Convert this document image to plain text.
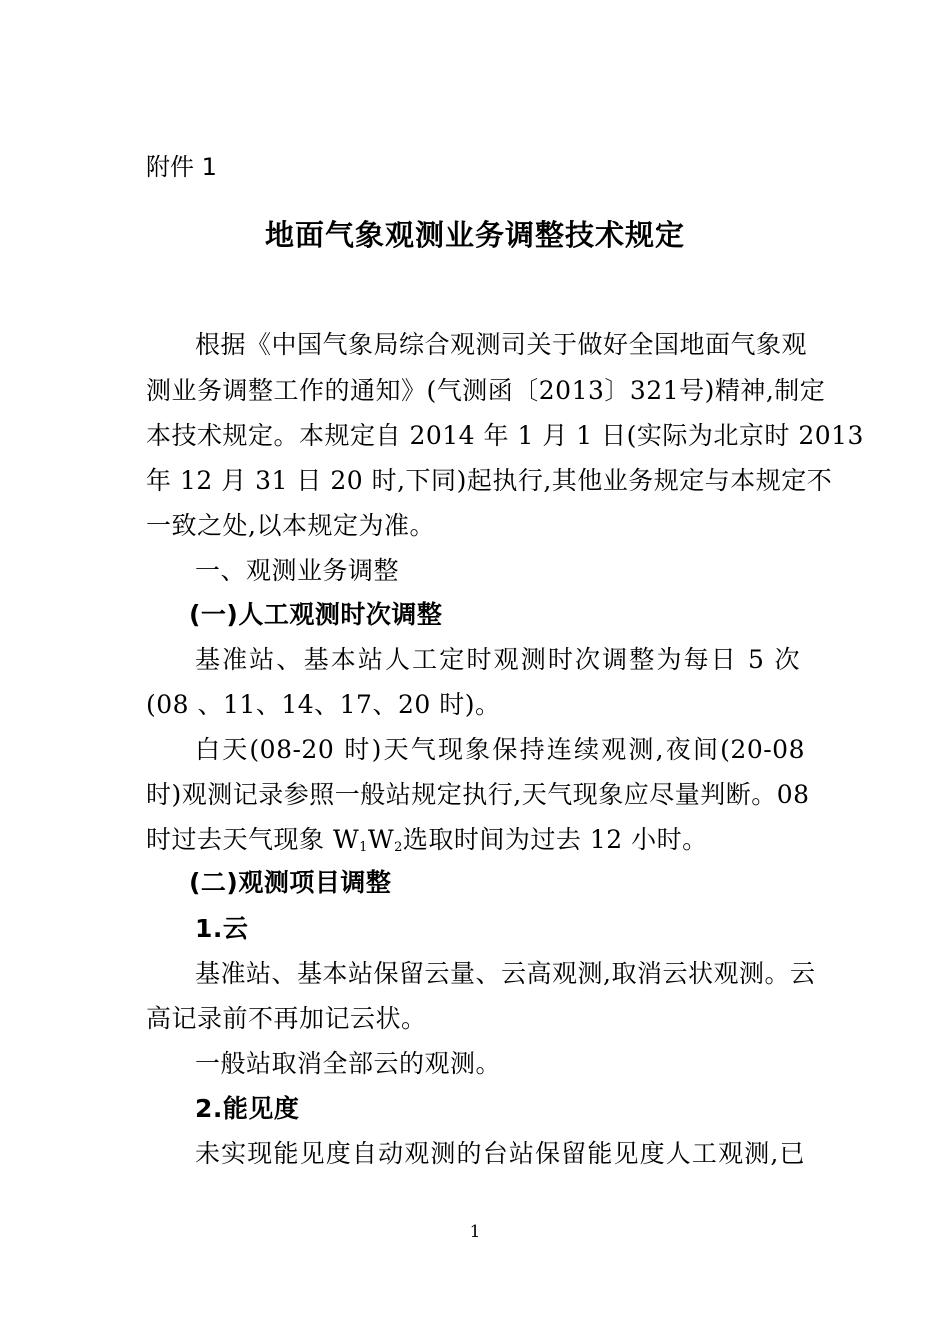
附件 1
地面气象观测业务调整技术规定
根据《中国气象局综合观测司关于做好全国地面气象观
测业务调整工作的通知》(气测函〔2013〕321号)精神,制定
本技术规定。本规定自 2014 年 1 月 1 日(实际为北京时 2013
年 12 月 31 日 20 时,下同)起执行,其他业务规定与本规定不
一致之处,以本规定为准。
一、观测业务调整
(一)人工观测时次调整
基准站、基本站人工定时观测时次调整为每日 5 次
(08 、11、14、17、20 时)。
白天(08-20 时)天气现象保持连续观测,夜间(20-08
时)观测记录参照一般站规定执行,天气现象应尽量判断。08
时过去天气现象 $W_1W_2$选取时间为过去 12 小时。
(二)观测项目调整
1.云
基准站、基本站保留云量、云高观测,取消云状观测。云
高记录前不再加记云状。
一般站取消全部云的观测。
2.能见度
未实现能见度自动观测的台站保留能见度人工观测,已
1
